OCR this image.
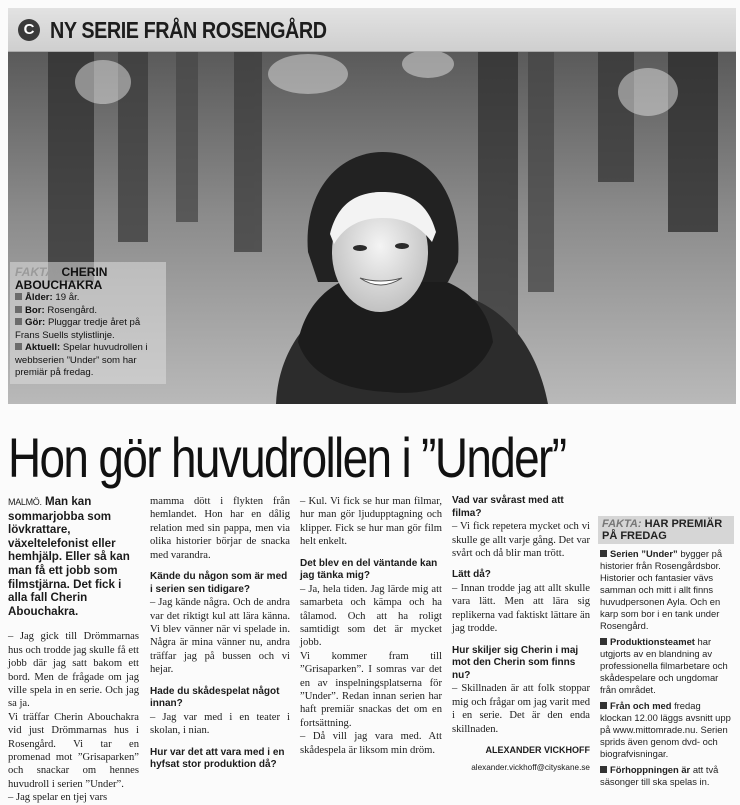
C NY SERIE FRÅN ROSENGÅRD
FAKTA: CHERIN ABOUCHAKRA
Ålder: 19 år.
Bor: Rosengård.
Gör: Pluggar tredje året på Frans Suells stylistlinje.
Aktuell: Spelar huvudrollen i webbserien ”Under” som har premiär på fredag.
Hon gör huvudrollen i ”Under”
MALMÖ. Man kan sommarjobba som lövkrattare, växeltelefonist eller hemhjälp. Eller så kan man få ett jobb som filmstjärna. Det fick i alla fall Cherin Abouchakra.

– Jag gick till Drömmarnas hus och trodde jag skulle få ett jobb där jag satt bakom ett bord. Men de frågade om jag ville spela in en serie. Och jag sa ja.

Vi träffar Cherin Abouchakra vid just Drömmarnas hus i Rosengård. Vi tar en promenad mot ”Grisaparken” och snackar om hennes huvudroll i serien ”Under”.

– Jag spelar en tjej vars

mamma dött i flykten från hemlandet. Hon har en dålig relation med sin pappa, men via olika historier börjar de snacka med varandra.

Kände du någon som är med i serien sen tidigare?

– Jag kände några. Och de andra var det riktigt kul att lära känna. Vi blev vänner när vi spelade in. Några är mina vänner nu, andra träffar jag på bussen och vi hejar.

Hade du skådespelat något innan?

– Jag var med i en teater i skolan, i nian.

Hur var det att vara med i en hyfsat stor produktion då?

– Kul. Vi fick se hur man filmar, hur man gör ljudupptagning och klipper. Fick se hur man gör film helt enkelt.

Det blev en del väntande kan jag tänka mig?

– Ja, hela tiden. Jag lärde mig att samarbeta och kämpa och ha tålamod. Och att ha roligt samtidigt som det är mycket jobb.

Vi kommer fram till ”Grisaparken”. I somras var det en av inspelningsplatserna för ”Under”. Redan innan serien har haft premiär snackas det om en fortsättning.

– Då vill jag vara med. Att skådespela är liksom min dröm.

Vad var svårast med att filma?

– Vi fick repetera mycket och vi skulle ge allt varje gång. Det var svårt och då blir man trött.

Lätt då?

– Innan trodde jag att allt skulle vara lätt. Men att lära sig replikerna vad faktiskt lättare än jag trodde.

Hur skiljer sig Cherin i maj mot den Cherin som finns nu?

– Skillnaden är att folk stoppar mig och frågar om jag varit med i en serie. Det är den enda skillnaden.

ALEXANDER VICKHOFF

alexander.vickhoff@cityskane.se

FAKTA: HAR PREMIÄR PÅ FREDAG
Serien ”Under” bygger på historier från Rosengårdsbor. Historier och fantasier vävs samman och mitt i allt finns huvudpersonen Ayla. Och en karp som bor i en tank under Rosengård.
Produktionsteamet har utgjorts av en blandning av professionella filmarbetare och skådespelare och ungdomar från området.
Från och med fredag klockan 12.00 läggs avsnitt upp på www.mittomrade.nu. Serien sprids även genom dvd- och biografvisningar.
Förhoppningen är att två säsonger till ska spelas in.
